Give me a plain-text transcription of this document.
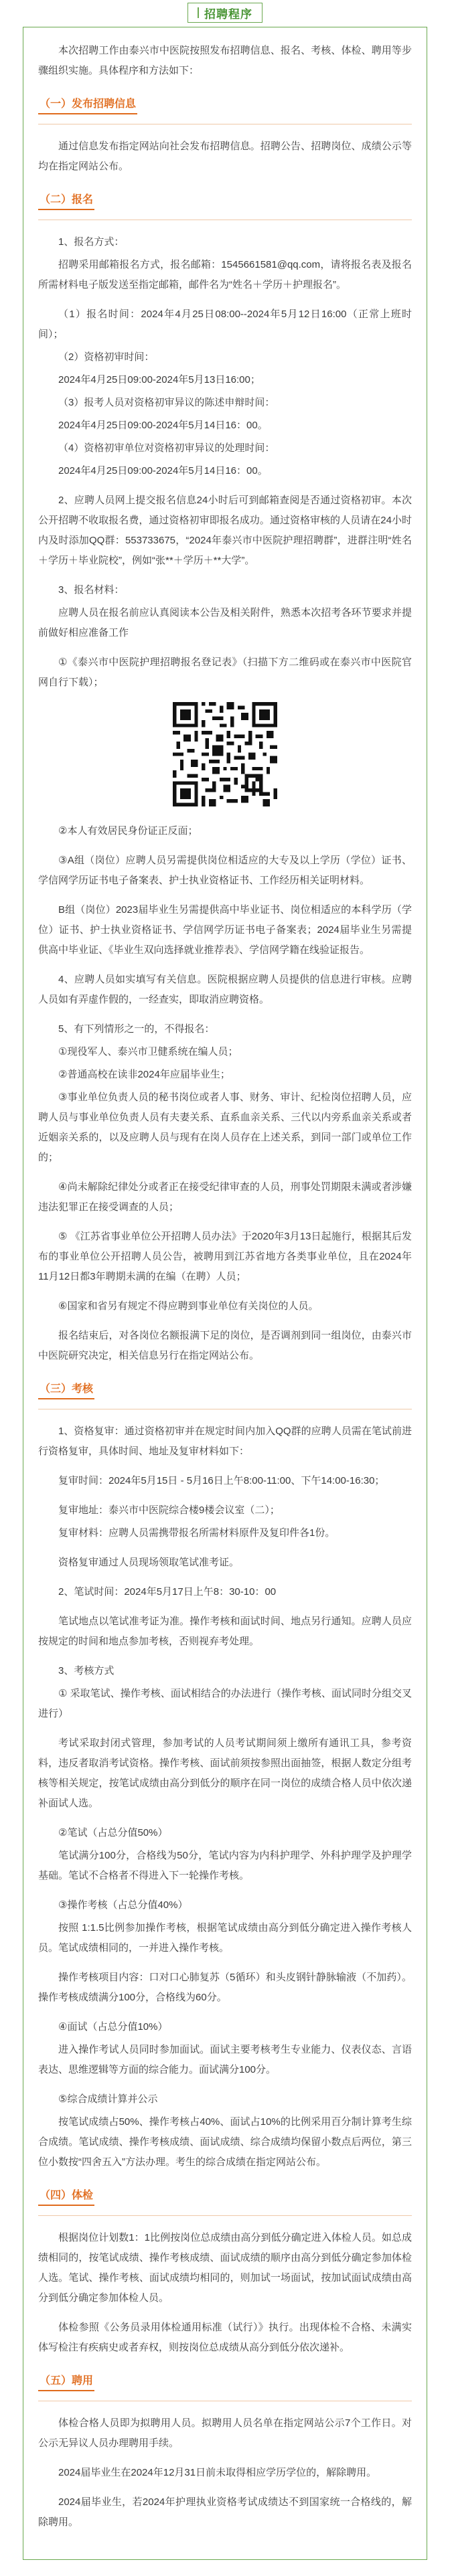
招聘程序

本次招聘工作由泰兴市中医院按照发布招聘信息、报名、考核、体检、聘用等步骤组织实施。具体程序和方法如下：

（一）发布招聘信息

通过信息发布指定网站向社会发布招聘信息。招聘公告、招聘岗位、成绩公示等均在指定网站公布。

（二）报名

1、报名方式：

招聘采用邮箱报名方式，报名邮箱：1545661581@qq.com，请将报名表及报名所需材料电子版发送至指定邮箱，邮件名为“姓名＋学历＋护理报名”。

（1）报名时间：2024年4月25日08:00--2024年5月12日16:00（正常上班时间）；

（2）资格初审时间：

2024年4月25日09:00-2024年5月13日16:00；

（3）报考人员对资格初审异议的陈述申辩时间：

2024年4月25日09:00-2024年5月14日16：00。

（4）资格初审单位对资格初审异议的处理时间：

2024年4月25日09:00-2024年5月14日16：00。

2、应聘人员网上提交报名信息24小时后可到邮箱查阅是否通过资格初审。本次公开招聘不收取报名费，通过资格初审即报名成功。通过资格审核的人员请在24小时内及时添加QQ群：553733675，“2024年泰兴市中医院护理招聘群”，进群注明“姓名＋学历＋毕业院校”，例如“张**＋学历＋**大学”。

3、报名材料：

应聘人员在报名前应认真阅读本公告及相关附件，熟悉本次招考各环节要求并提前做好相应准备工作

①《泰兴市中医院护理招聘报名登记表》（扫描下方二维码或在泰兴市中医院官网自行下载）；

②本人有效居民身份证正反面；

③A组（岗位）应聘人员另需提供岗位相适应的大专及以上学历（学位）证书、学信网学历证书电子备案表、护士执业资格证书、工作经历相关证明材料。

B组（岗位）2023届毕业生另需提供高中毕业证书、岗位相适应的本科学历（学位）证书、护士执业资格证书、学信网学历证书电子备案表；2024届毕业生另需提供高中毕业证、《毕业生双向选择就业推荐表》、学信网学籍在线验证报告。

4、应聘人员如实填写有关信息。医院根据应聘人员提供的信息进行审核。应聘人员如有弄虚作假的，一经查实，即取消应聘资格。

5、有下列情形之一的，不得报名：

①现役军人、泰兴市卫健系统在编人员；

②普通高校在读非2024年应届毕业生；

③事业单位负责人员的秘书岗位或者人事、财务、审计、纪检岗位招聘人员，应聘人员与事业单位负责人员有夫妻关系、直系血亲关系、三代以内旁系血亲关系或者近姻亲关系的，以及应聘人员与现有在岗人员存在上述关系，到同一部门或单位工作的；

④尚未解除纪律处分或者正在接受纪律审查的人员，刑事处罚期限未满或者涉嫌违法犯罪正在接受调查的人员；

⑤ 《江苏省事业单位公开招聘人员办法》于2020年3月13日起施行，根据其后发布的事业单位公开招聘人员公告，被聘用到江苏省地方各类事业单位，且在2024年11月12日都3年聘期未满的在编（在聘）人员；

⑥国家和省另有规定不得应聘到事业单位有关岗位的人员。

报名结束后，对各岗位名额报满下足的岗位，是否调剂到同一组岗位，由泰兴市中医院研究决定，相关信息另行在指定网站公布。

（三）考核

1、资格复审：通过资格初审并在规定时间内加入QQ群的应聘人员需在笔试前进行资格复审，具体时间、地址及复审材料如下：

复审时间：2024年5月15日 - 5月16日上午8:00-11:00、下午14:00-16:30；

复审地址：泰兴市中医院综合楼9楼会议室（二）；

复审材料：应聘人员需携带报名所需材料原件及复印件各1份。

资格复审通过人员现场领取笔试准考证。

2、笔试时间：2024年5月17日上午8：30-10：00

笔试地点以笔试准考证为准。操作考核和面试时间、地点另行通知。应聘人员应按规定的时间和地点参加考核，否则视弃考处理。

3、考核方式

① 采取笔试、操作考核、面试相结合的办法进行（操作考核、面试同时分组交叉进行）

考试采取封闭式管理，参加考试的人员考试期间须上缴所有通讯工具，参考资料，违反者取消考试资格。操作考核、面试前须按参照出面抽签，根据人数定分组考核等相关规定，按笔试成绩由高分到低分的顺序在同一岗位的成绩合格人员中依次递补面试人选。

②笔试（占总分值50%）

笔试满分100分，合格线为50分，笔试内容为内科护理学、外科护理学及护理学基础。笔试不合格者不得进入下一轮操作考核。

③操作考核（占总分值40%）

按照 1:1.5比例参加操作考核，根据笔试成绩由高分到低分确定进入操作考核人员。笔试成绩相同的，一并进入操作考核。

操作考核项目内容：口对口心肺复苏（5循环）和头皮钢针静脉输液（不加药）。操作考核成绩满分100分，合格线为60分。

④面试（占总分值10%）

进入操作考试人员同时参加面试。面试主要考核考生专业能力、仪表仪态、言语表达、思维逻辑等方面的综合能力。面试满分100分。

⑤综合成绩计算并公示

按笔试成绩占50%、操作考核占40%、面试占10%的比例采用百分制计算考生综合成绩。笔试成绩、操作考核成绩、面试成绩、综合成绩均保留小数点后两位，第三位小数按“四舍五入”方法办理。考生的综合成绩在指定网站公布。

（四）体检

根据岗位计划数1：1比例按岗位总成绩由高分到低分确定进入体检人员。如总成绩相同的，按笔试成绩、操作考核成绩、面试成绩的顺序由高分到低分确定参加体检人选。笔试、操作考核、面试成绩均相同的，则加试一场面试，按加试面试成绩由高分到低分确定参加体检人员。

体检参照《公务员录用体检通用标准（试行）》执行。出现体检不合格、未满实体写检注有疾病史或者弃权，则按岗位总成绩从高分到低分依次递补。

（五）聘用

体检合格人员即为拟聘用人员。拟聘用人员名单在指定网站公示7个工作日。对公示无异议人员办理聘用手续。

2024届毕业生在2024年12月31日前未取得相应学历学位的，解除聘用。

2024届毕业生，若2024年护理执业资格考试成绩达不到国家统一合格线的，解除聘用。
